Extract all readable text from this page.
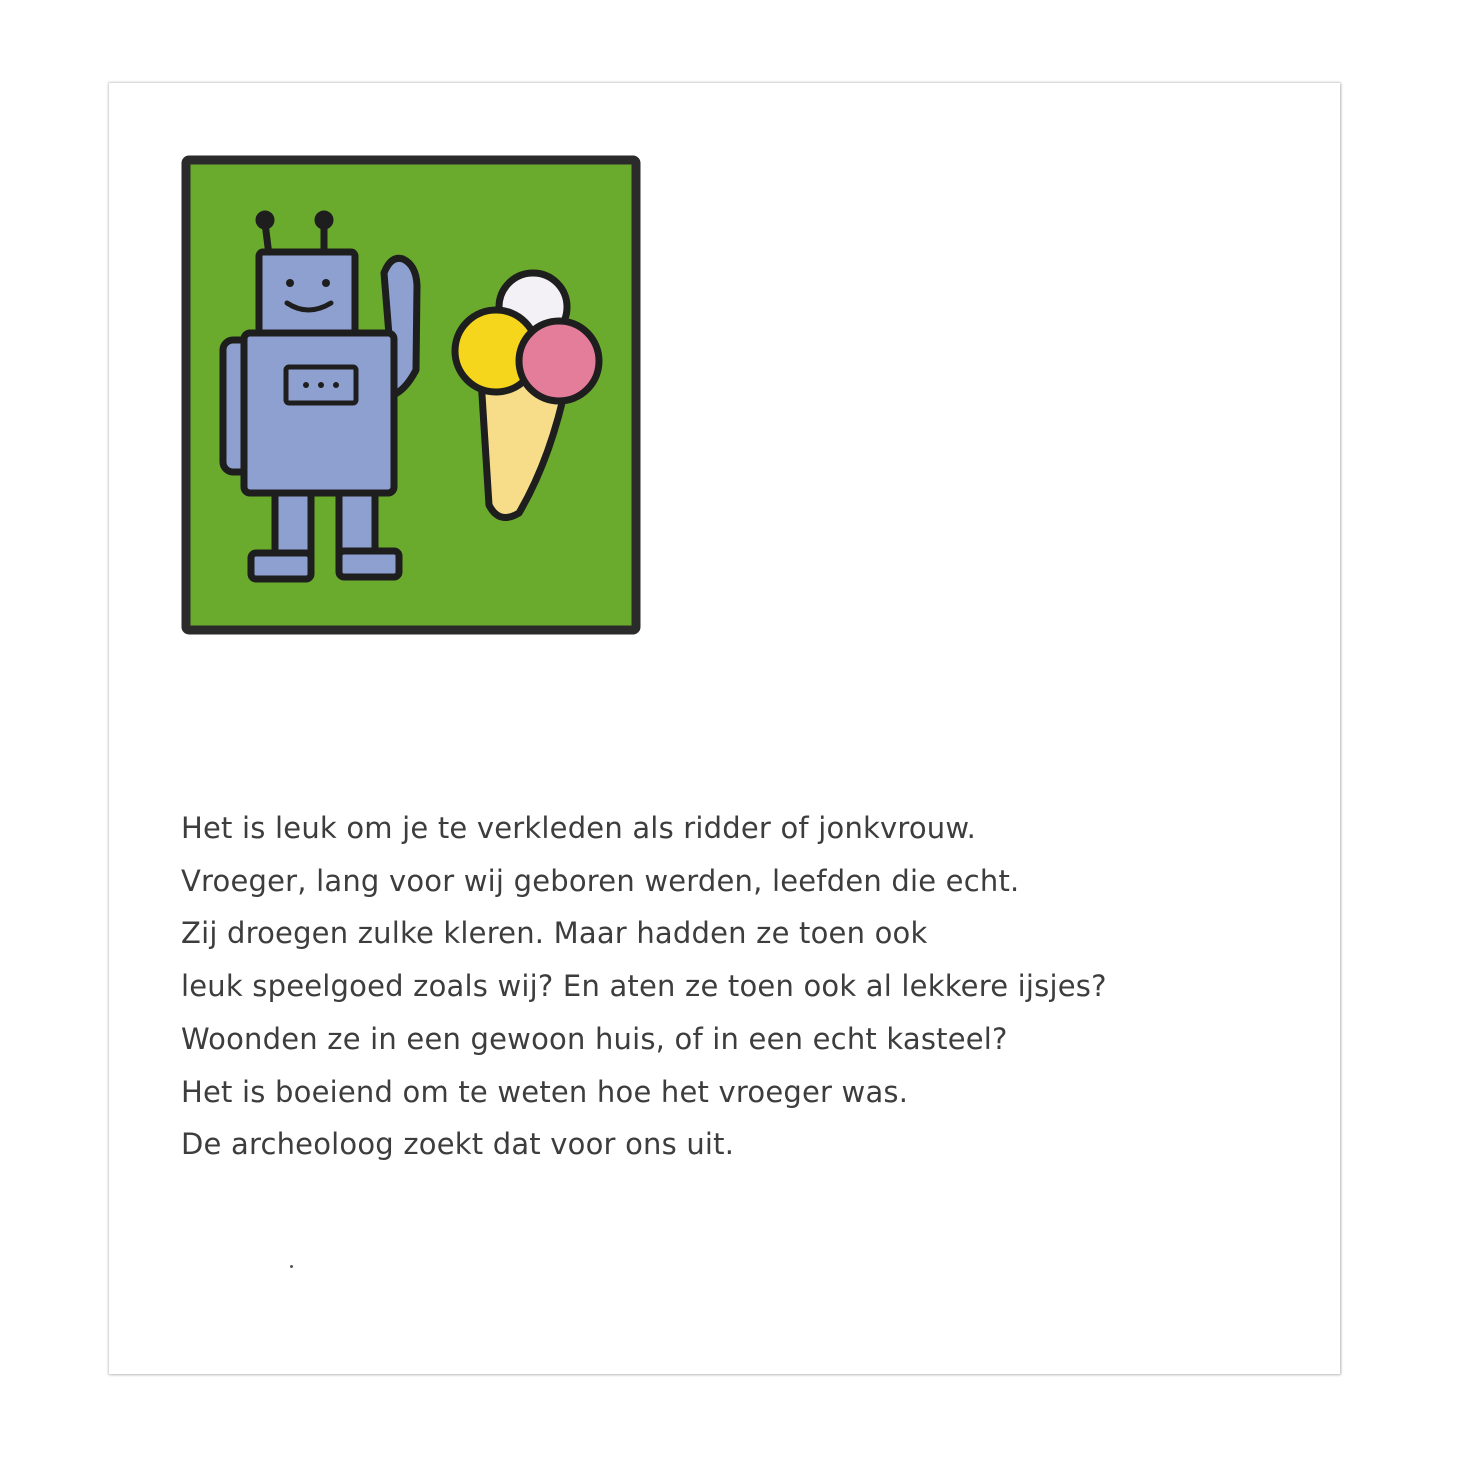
Het is leuk om je te verkleden als ridder of jonkvrouw.
Vroeger, lang voor wij geboren werden, leefden die echt.
Zij droegen zulke kleren. Maar hadden ze toen ook
leuk speelgoed zoals wij? En aten ze toen ook al lekkere ijsjes?
Woonden ze in een gewoon huis, of in een echt kasteel?
Het is boeiend om te weten hoe het vroeger was.
De archeoloog zoekt dat voor ons uit.
